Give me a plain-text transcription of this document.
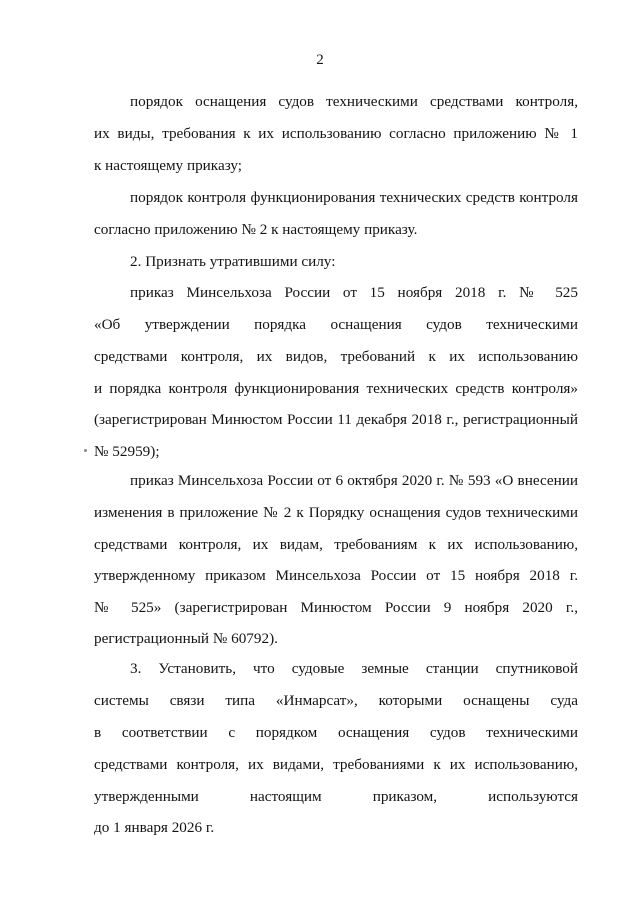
2
порядок оснащения судов техническими средствами контроля,
их виды, требования к их использованию согласно приложению № 1
к настоящему приказу;
порядок контроля функционирования технических средств контроля
согласно приложению № 2 к настоящему приказу.
2. Признать утратившими силу:
приказ Минсельхоза России от 15 ноября 2018 г. № 525
«Об утверждении порядка оснащения судов техническими
средствами контроля, их видов, требований к их использованию
и порядка контроля функционирования технических средств контроля»
(зарегистрирован Минюстом России 11 декабря 2018 г., регистрационный
№ 52959);
приказ Минсельхоза России от 6 октября 2020 г. № 593 «О внесении
изменения в приложение № 2 к Порядку оснащения судов техническими
средствами контроля, их видам, требованиям к их использованию,
утвержденному приказом Минсельхоза России от 15 ноября 2018 г.
№ 525» (зарегистрирован Минюстом России 9 ноября 2020 г.,
регистрационный № 60792).
3. Установить, что судовые земные станции спутниковой
системы связи типа «Инмарсат», которыми оснащены суда
в соответствии с порядком оснащения судов техническими
средствами контроля, их видами, требованиями к их использованию,
утвержденными настоящим приказом, используются
до 1 января 2026 г.
